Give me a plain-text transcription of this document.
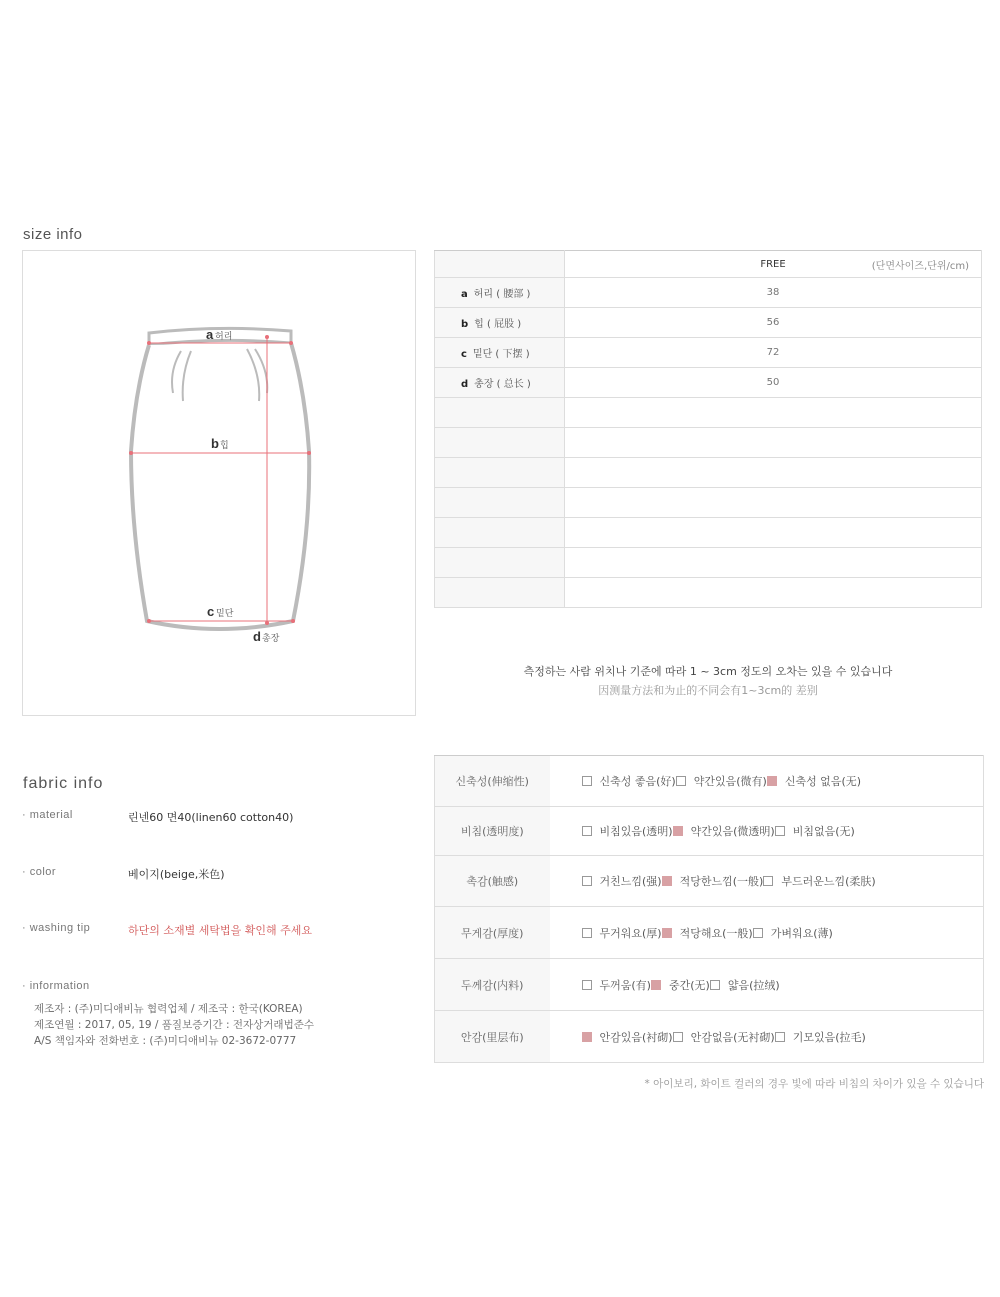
size info
a 허리
b 힙
c 밑단
d 총장
	FREE (단면사이즈,단위/cm)

a 허리 ( 腰部 )	38
b 힙 ( 屁股 )	56
c 밑단 ( 下摆 )	72
d 총장 ( 总长 )	50

측정하는 사람 위치나 기준에 따라 1 ~ 3cm 정도의 오차는 있을 수 있습니다
因测量方法和为止的不同会有1~3cm的 差别
fabric info
· material	린넨60 면40(linen60 cotton40)
· color	베이지(beige,米色)
· washing tip	하단의 소재별 세탁법을 확인해 주세요
· information
제조자 : (주)미디애비뉴 협력업체 / 제조국 : 한국(KOREA)
제조연월 : 2017, 05, 19 / 품질보증기간 : 전자상거래법준수
A/S 책임자와 전화번호 : (주)미디애비뉴 02-3672-0777
신축성(伸缩性)	신축성 좋음(好) 약간있음(微有) 신축성 없음(无)
비침(透明度)	비침있음(透明) 약간있음(微透明) 비침없음(无)
촉감(触感)	거친느낌(强) 적당한느낌(一般) 부드러운느낌(柔肤)
무게감(厚度)	무거워요(厚) 적당해요(一般) 가벼워요(薄)
두께감(内料)	두꺼움(有) 중간(无) 얇음(拉绒)
안감(里层布)	안감있음(衬砌) 안감없음(无衬砌) 기모있음(拉毛)
* 아이보리, 화이트 컬러의 경우 빛에 따라 비침의 차이가 있을 수 있습니다
